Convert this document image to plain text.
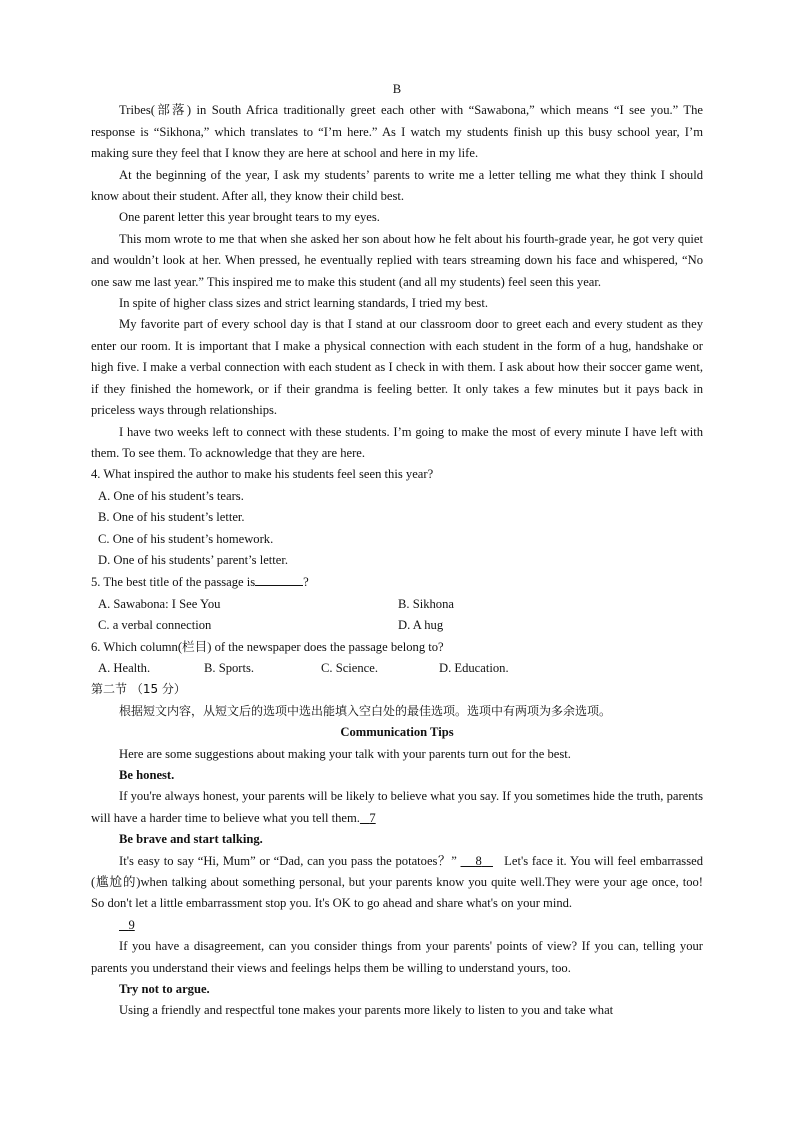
B

Tribes(部落) in South Africa traditionally greet each other with “Sawabona,” which means “I see you.” The response is “Sikhona,” which translates to “I’m here.” As I watch my students finish up this busy school year, I’m making sure they feel that I know they are here at school and here in my life.

At the beginning of the year, I ask my students’ parents to write me a letter telling me what they think I should know about their student. After all, they know their child best.

One parent letter this year brought tears to my eyes.

This mom wrote to me that when she asked her son about how he felt about his fourth-grade year, he got very quiet and wouldn’t look at her. When pressed, he eventually replied with tears streaming down his face and whispered, “No one saw me last year.” This inspired me to make this student (and all my students) feel seen this year.

In spite of higher class sizes and strict learning standards, I tried my best.

My favorite part of every school day is that I stand at our classroom door to greet each and every student as they enter our room. It is important that I make a physical connection with each student in the form of a hug, handshake or high five. I make a verbal connection with each student as I check in with them. I ask about how their soccer game went, if they finished the homework, or if their grandma is feeling better. It only takes a few minutes but it pays back in priceless ways through relationships.

I have two weeks left to connect with these students. I’m going to make the most of every minute I have left with them. To see them. To acknowledge that they are here.

4. What inspired the author to make his students feel seen this year?

A. One of his student’s tears.

B. One of his student’s letter.

C. One of his student’s homework.

D. One of his students’ parent’s letter.

5. The best title of the passage is	?

A. Sawabona: I See You	B. Sikhona
C. a verbal connection	D. A hug

6. Which column(栏目) of the newspaper does the passage belong to?

A. Health.	B. Sports.	C. Science.	D. Education.

第二节 （15 分）

根据短文内容，从短文后的选项中选出能填入空白处的最佳选项。选项中有两项为多余选项。

Communication Tips

Here are some suggestions about making your talk with your parents turn out for the best.

Be honest.

If you're always honest, your parents will be likely to believe what you say. If you sometimes hide the truth, parents will have a harder time to believe what you tell them. 7

Be brave and start talking.

It's easy to say “Hi, Mum” or “Dad, can you pass the potatoes？” 8 Let's face it. You will feel embarrassed (尴尬的)when talking about something personal, but your parents know you quite well.They were your age once, too! So don't let a little embarrassment stop you. It's OK to go ahead and share what's on your mind.

9

If you have a disagreement, can you consider things from your parents' points of view? If you can, telling your parents you understand their views and feelings helps them be willing to understand yours, too.

Try not to argue.

Using a friendly and respectful tone makes your parents more likely to listen to you and take what
